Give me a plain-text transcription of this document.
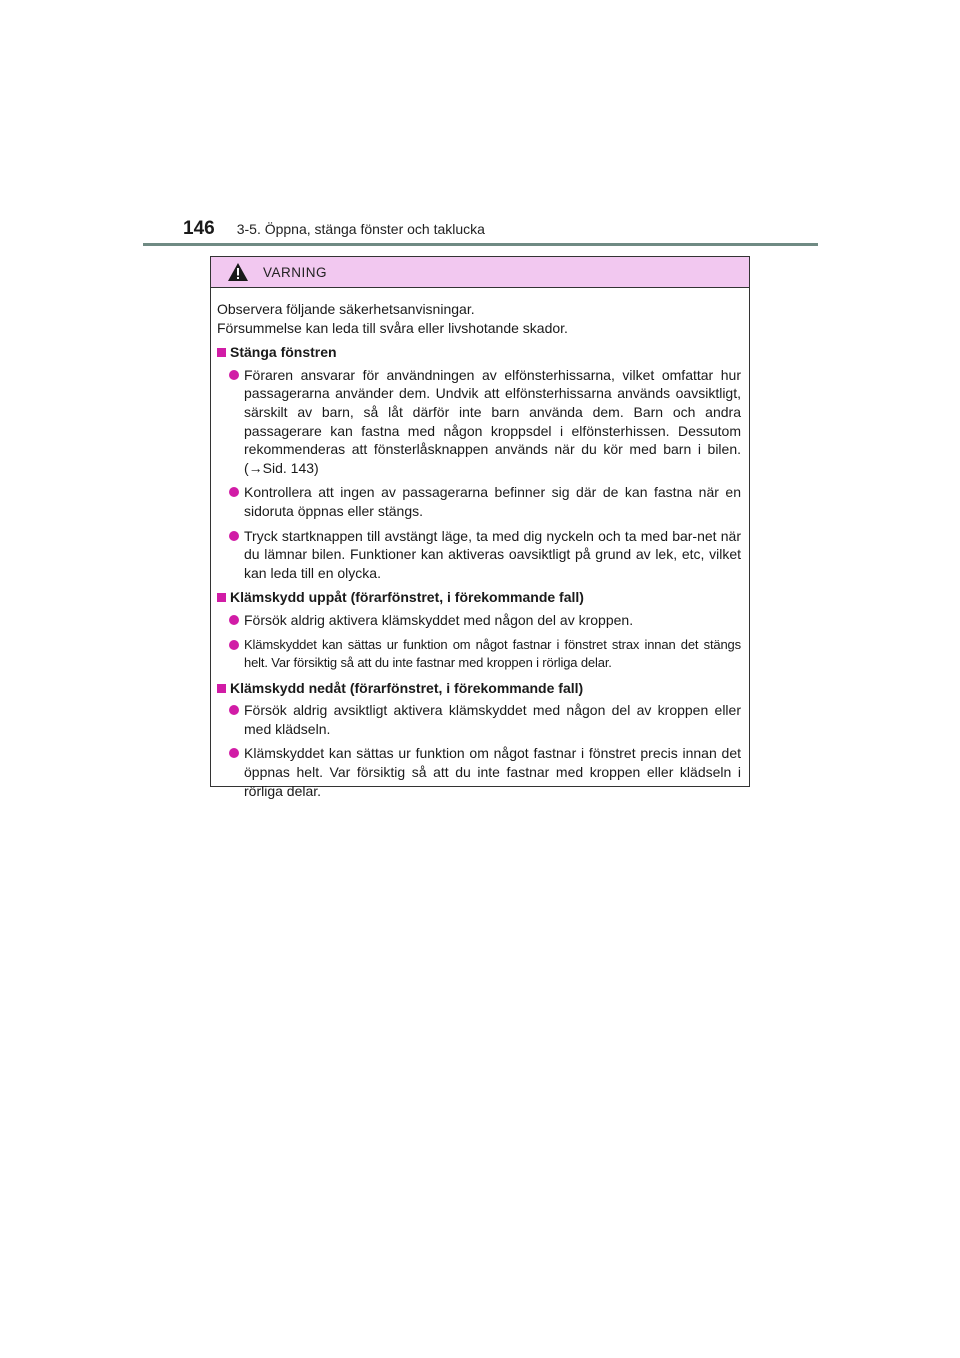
146 3-5. Öppna, stänga fönster och taklucka
VARNING

Observera följande säkerhetsanvisningar.

Försummelse kan leda till svåra eller livshotande skador.

Stänga fönstren
Föraren ansvarar för användningen av elfönsterhissarna, vilket omfattar hur passagerarna använder dem. Undvik att elfönsterhissarna används oavsiktligt, särskilt av barn, så låt därför inte barn använda dem. Barn och andra passagerare kan fastna med någon kroppsdel i elfönsterhissen. Dessutom rekommenderas att fönsterlåsknappen används när du kör med barn i bilen. (→Sid. 143)
Kontrollera att ingen av passagerarna befinner sig där de kan fastna när en sidoruta öppnas eller stängs.
Tryck startknappen till avstängt läge, ta med dig nyckeln och ta med bar-net när du lämnar bilen. Funktioner kan aktiveras oavsiktligt på grund av lek, etc, vilket kan leda till en olycka.
Klämskydd uppåt (förarfönstret, i förekommande fall)
Försök aldrig aktivera klämskyddet med någon del av kroppen.
Klämskyddet kan sättas ur funktion om något fastnar i fönstret strax innan det stängs helt. Var försiktig så att du inte fastnar med kroppen i rörliga delar.
Klämskydd nedåt (förarfönstret, i förekommande fall)
Försök aldrig avsiktligt aktivera klämskyddet med någon del av kroppen eller med klädseln.
Klämskyddet kan sättas ur funktion om något fastnar i fönstret precis innan det öppnas helt. Var försiktig så att du inte fastnar med kroppen eller klädseln i rörliga delar.
